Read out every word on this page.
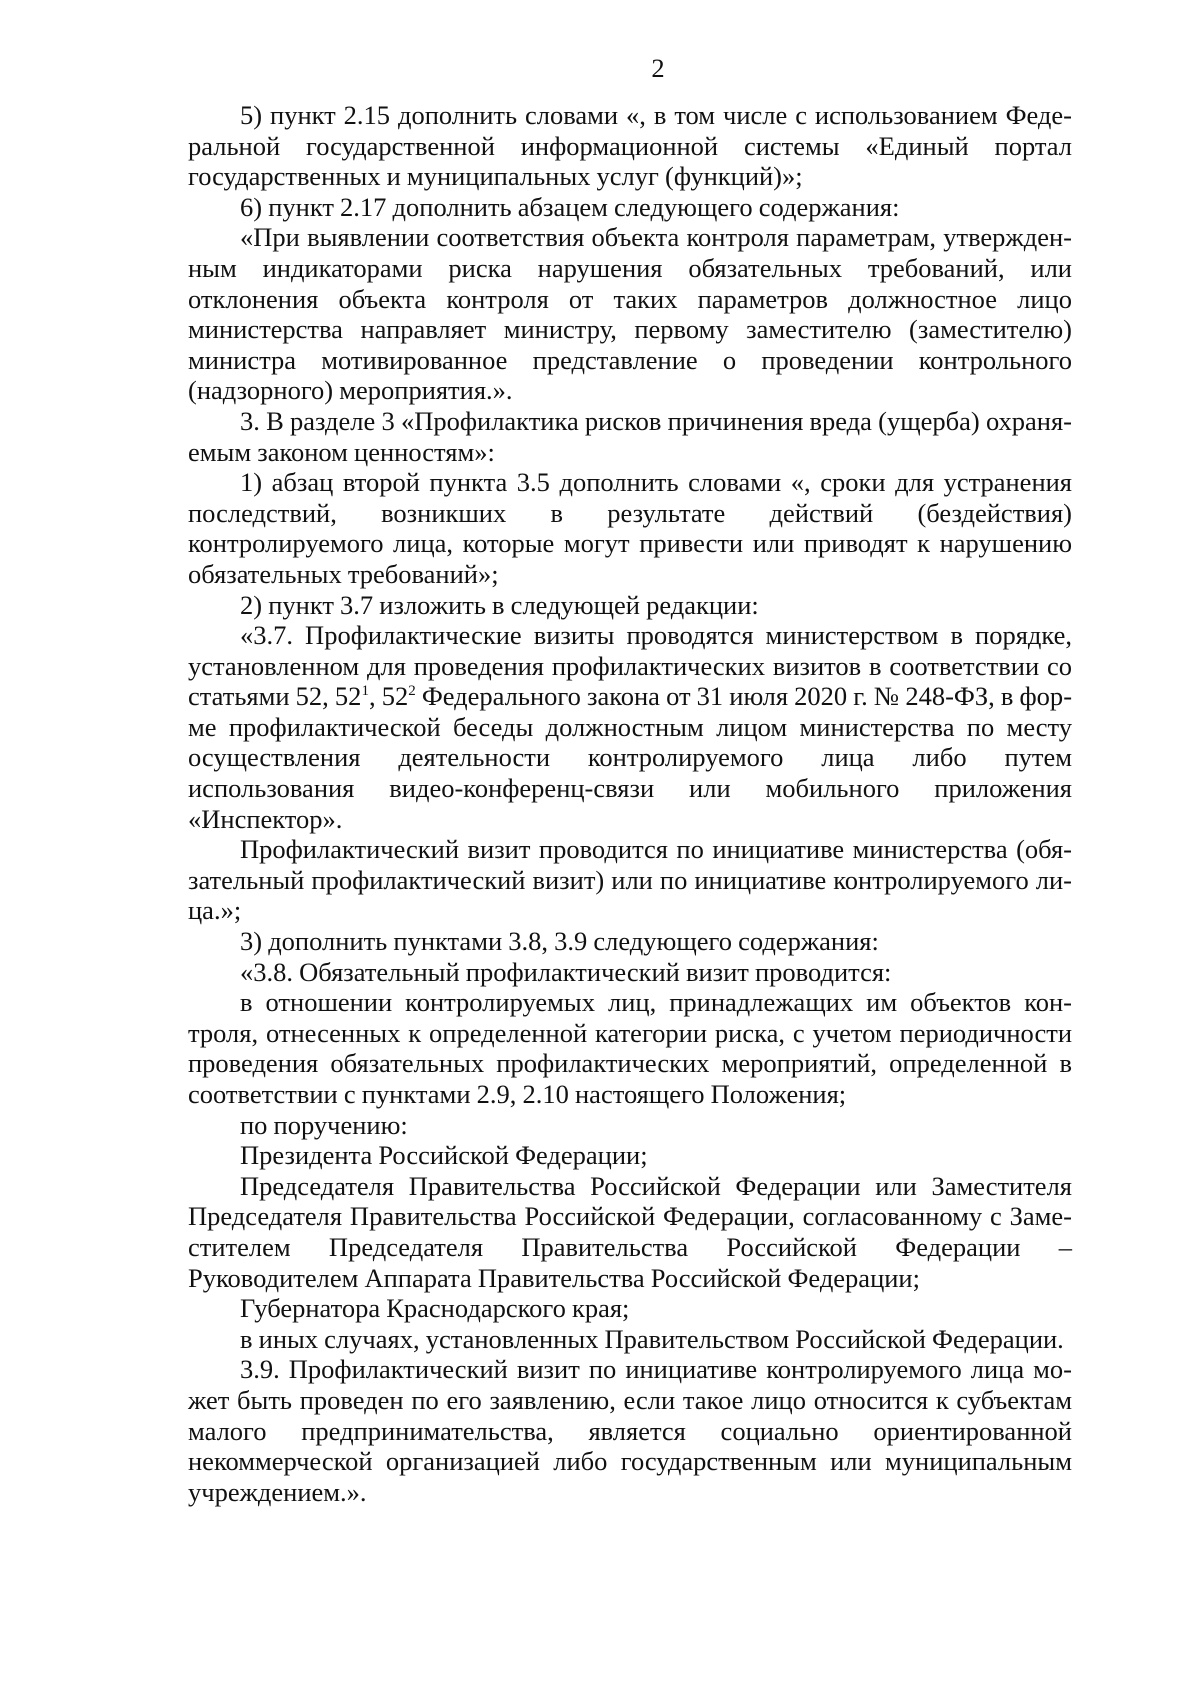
2

5) пункт 2.15 дополнить словами «, в том числе с использованием Федеральной государственной информационной системы «Единый портал государственных и муниципальных услуг (функций)»;

6) пункт 2.17 дополнить абзацем следующего содержания:

«При выявлении соответствия объекта контроля параметрам, утвержденным индикаторами риска нарушения обязательных требований, или отклонения объекта контроля от таких параметров должностное лицо министерства направляет министру, первому заместителю (заместителю) министра мотивированное представление о проведении контрольного (надзорного) мероприятия.».

3. В разделе 3 «Профилактика рисков причинения вреда (ущерба) охраняемым законом ценностям»:

1) абзац второй пункта 3.5 дополнить словами «, сроки для устранения последствий, возникших в результате действий (бездействия) контролируемого лица, которые могут привести или приводят к нарушению обязательных требований»;

2) пункт 3.7 изложить в следующей редакции:

«3.7. Профилактические визиты проводятся министерством в порядке, установленном для проведения профилактических визитов в соответствии со статьями 52, $52^1$, $52^2$ Федерального закона от 31 июля 2020 г. № 248-ФЗ, в форме профилактической беседы должностным лицом министерства по месту осуществления деятельности контролируемого лица либо путем использования видео-конференц-связи или мобильного приложения «Инспектор».

Профилактический визит проводится по инициативе министерства (обязательный профилактический визит) или по инициативе контролируемого лица.»;

3) дополнить пунктами 3.8, 3.9 следующего содержания:

«3.8. Обязательный профилактический визит проводится:

в отношении контролируемых лиц, принадлежащих им объектов контроля, отнесенных к определенной категории риска, с учетом периодичности проведения обязательных профилактических мероприятий, определенной в соответствии с пунктами 2.9, 2.10 настоящего Положения;

по поручению:

Президента Российской Федерации;

Председателя Правительства Российской Федерации или Заместителя Председателя Правительства Российской Федерации, согласованному с Заместителем Председателя Правительства Российской Федерации – Руководителем Аппарата Правительства Российской Федерации;

Губернатора Краснодарского края;

в иных случаях, установленных Правительством Российской Федерации.

3.9. Профилактический визит по инициативе контролируемого лица может быть проведен по его заявлению, если такое лицо относится к субъектам малого предпринимательства, является социально ориентированной некоммерческой организацией либо государственным или муниципальным учреждением.».
